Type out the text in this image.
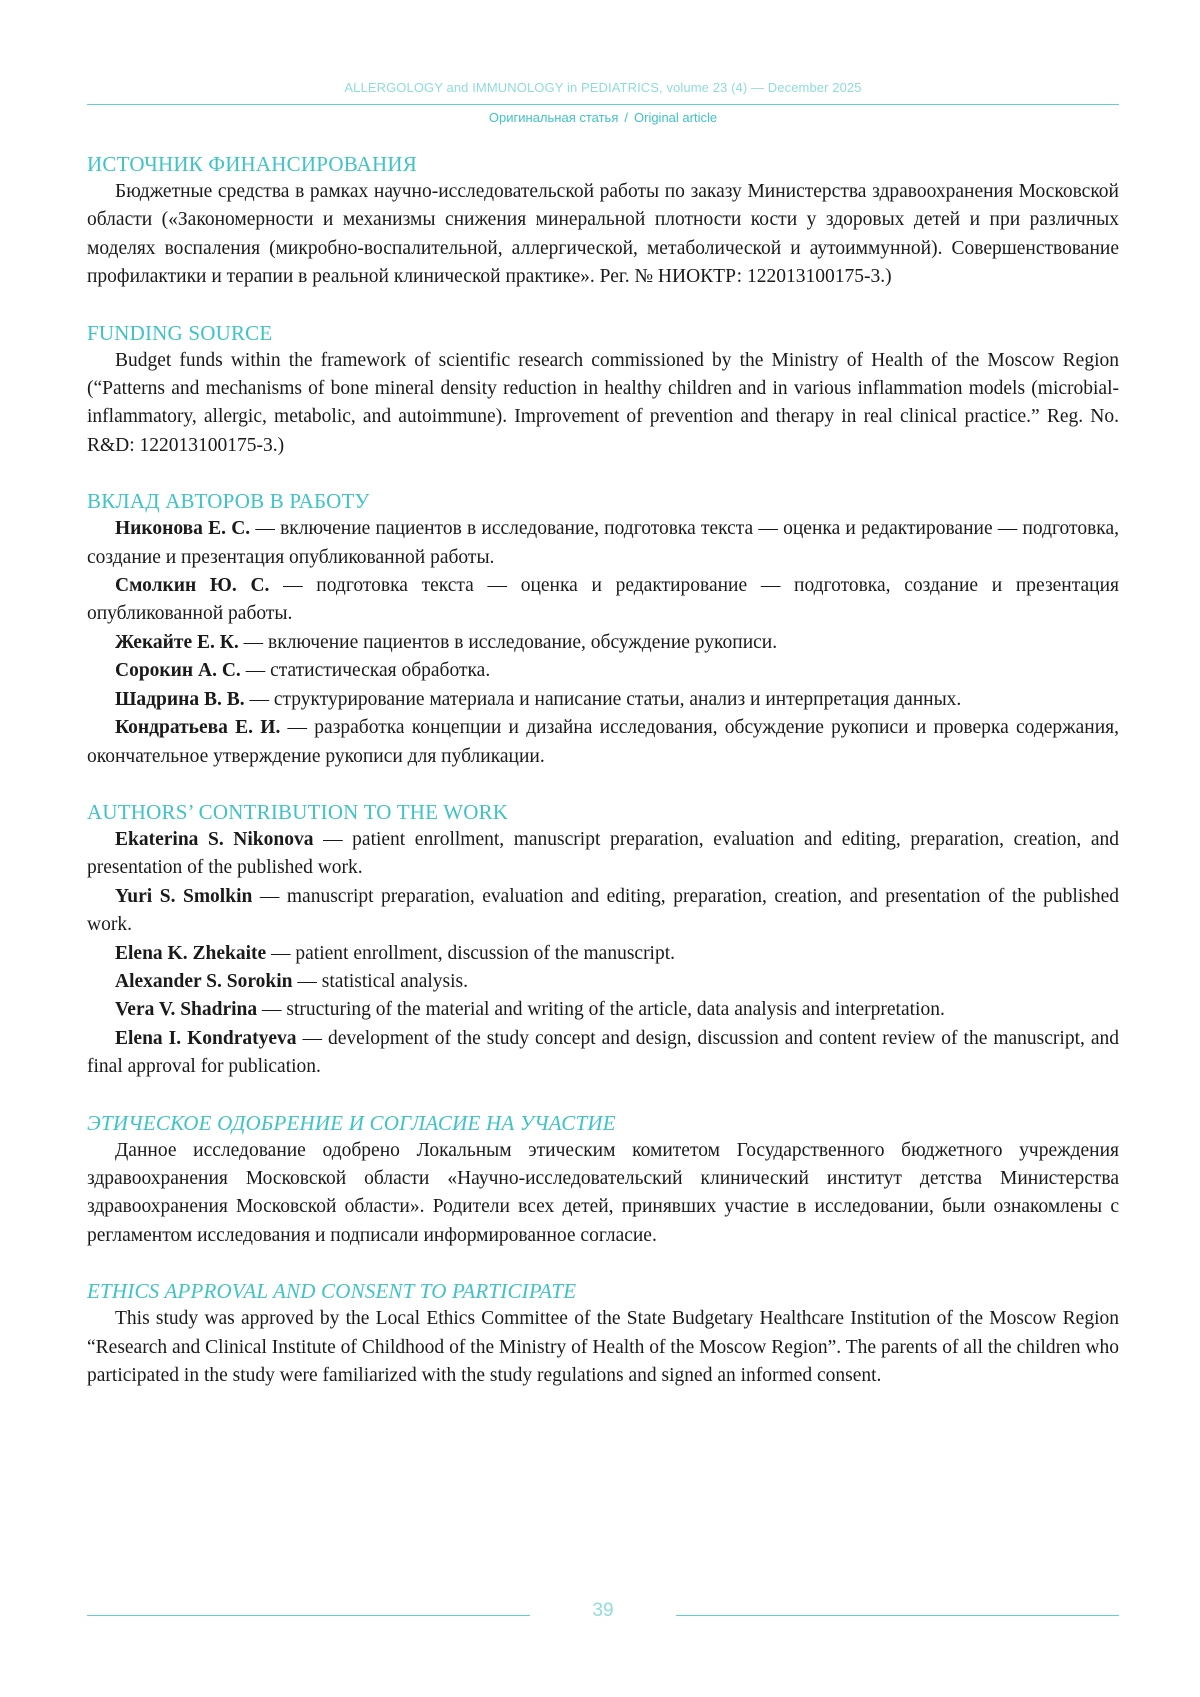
ALLERGOLOGY and IMMUNOLOGY in PEDIATRICS, volume 23 (4) — December 2025
Оригинальная статья / Original article
ИСТОЧНИК ФИНАНСИРОВАНИЯ

Бюджетные средства в рамках научно-исследовательской работы по заказу Министерства здравоохранения Московской области («Закономерности и механизмы снижения минеральной плотности кости у здоровых детей и при различных моделях воспаления (микробно-воспалительной, аллергической, метаболической и аутоиммунной). Совершенствование профилактики и терапии в реальной клинической практике». Рег. № НИОКТР: 122013100175-3.)

FUNDING SOURCE

Budget funds within the framework of scientific research commissioned by the Ministry of Health of the Moscow Region (“Patterns and mechanisms of bone mineral density reduction in healthy children and in various inflammation models (microbial-inflammatory, allergic, metabolic, and autoimmune). Improvement of prevention and therapy in real clinical practice.” Reg. No. R&D: 122013100175-3.)

ВКЛАД АВТОРОВ В РАБОТУ

Никонова Е. С. — включение пациентов в исследование, подготовка текста — оценка и редактирование — подготовка, создание и презентация опубликованной работы.

Смолкин Ю. С. — подготовка текста — оценка и редактирование — подготовка, создание и презентация опубликованной работы.

Жекайте Е. К. — включение пациентов в исследование, обсуждение рукописи.

Сорокин А. С. — статистическая обработка.

Шадрина В. В. — структурирование материала и написание статьи, анализ и интерпретация данных.

Кондратьева Е. И. — разработка концепции и дизайна исследования, обсуждение рукописи и проверка содержания, окончательное утверждение рукописи для публикации.

AUTHORS’ CONTRIBUTION TO THE WORK

Ekaterina S. Nikonova — patient enrollment, manuscript preparation, evaluation and editing, preparation, creation, and presentation of the published work.

Yuri S. Smolkin — manuscript preparation, evaluation and editing, preparation, creation, and presentation of the published work.

Elena K. Zhekaite — patient enrollment, discussion of the manuscript.

Alexander S. Sorokin — statistical analysis.

Vera V. Shadrina — structuring of the material and writing of the article, data analysis and interpretation.

Elena I. Kondratyeva — development of the study concept and design, discussion and content review of the manuscript, and final approval for publication.

ЭТИЧЕСКОЕ ОДОБРЕНИЕ И СОГЛАСИЕ НА УЧАСТИЕ

Данное исследование одобрено Локальным этическим комитетом Государственного бюджетного учреждения здравоохранения Московской области «Научно-исследовательский клинический институт детства Министерства здравоохранения Московской области». Родители всех детей, принявших участие в исследовании, были ознакомлены с регламентом исследования и подписали информированное согласие.

ETHICS APPROVAL AND CONSENT TO PARTICIPATE

This study was approved by the Local Ethics Committee of the State Budgetary Healthcare Institution of the Moscow Region “Research and Clinical Institute of Childhood of the Ministry of Health of the Moscow Region”. The parents of all the children who participated in the study were familiarized with the study regulations and signed an informed consent.

39
